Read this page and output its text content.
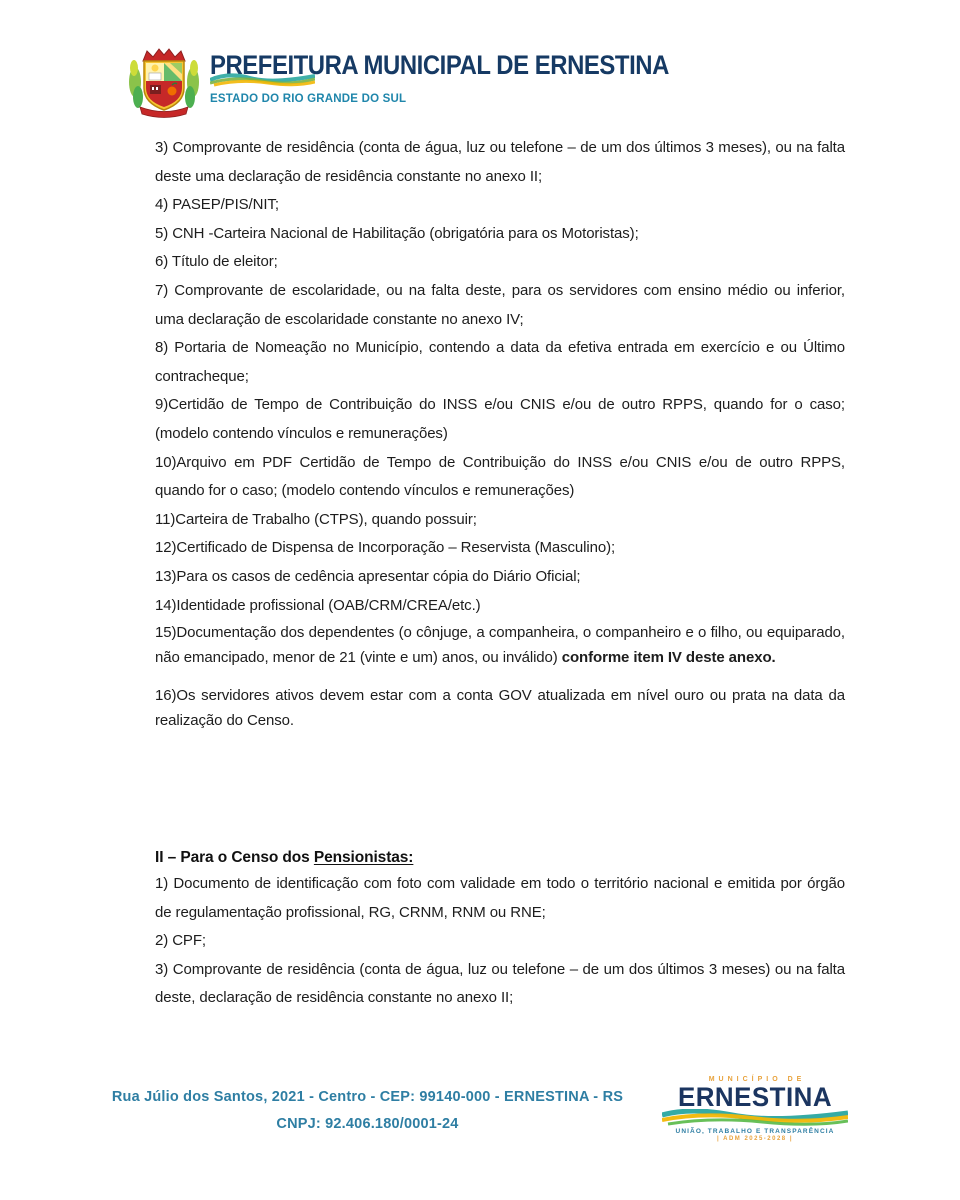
PREFEITURA MUNICIPAL DE ERNESTINA
ESTADO DO RIO GRANDE DO SUL

3) Comprovante de residência (conta de água, luz ou telefone – de um dos últimos 3 meses), ou na falta deste uma declaração de residência constante no anexo II;

4) PASEP/PIS/NIT;

5) CNH -Carteira Nacional de Habilitação (obrigatória para os Motoristas);

6) Título de eleitor;

7) Comprovante de escolaridade, ou na falta deste, para os servidores com ensino médio ou inferior, uma declaração de escolaridade constante no anexo IV;

8) Portaria de Nomeação no Município, contendo a data da efetiva entrada em exercício e ou Último contracheque;

9)Certidão de Tempo de Contribuição do INSS e/ou CNIS e/ou de outro RPPS, quando for o caso; (modelo contendo vínculos e remunerações)

10)Arquivo em PDF Certidão de Tempo de Contribuição do INSS e/ou CNIS e/ou de outro RPPS, quando for o caso; (modelo contendo vínculos e remunerações)

11)Carteira de Trabalho (CTPS), quando possuir;

12)Certificado de Dispensa de Incorporação – Reservista (Masculino);

13)Para os casos de cedência apresentar cópia do Diário Oficial;

14)Identidade profissional (OAB/CRM/CREA/etc.)

15)Documentação dos dependentes (o cônjuge, a companheira, o companheiro e o filho, ou equiparado, não emancipado, menor de 21 (vinte e um) anos, ou inválido) conforme item IV deste anexo.

16)Os servidores ativos devem estar com a conta GOV atualizada em nível ouro ou prata na data da realização do Censo.

II – Para o Censo dos Pensionistas:

1) Documento de identificação com foto com validade em todo o território nacional e emitida por órgão de regulamentação profissional, RG, CRNM, RNM ou RNE;

2) CPF;

3) Comprovante de residência (conta de água, luz ou telefone – de um dos últimos 3 meses) ou na falta deste, declaração de residência constante no anexo II;

Rua Júlio dos Santos, 2021 - Centro - CEP: 99140-000 - ERNESTINA - RS
CNPJ: 92.406.180/0001-24
MUNICÍPIO DE
ERNESTINA
UNIÃO, TRABALHO E TRANSPARÊNCIA
| ADM 2025-2028 |
